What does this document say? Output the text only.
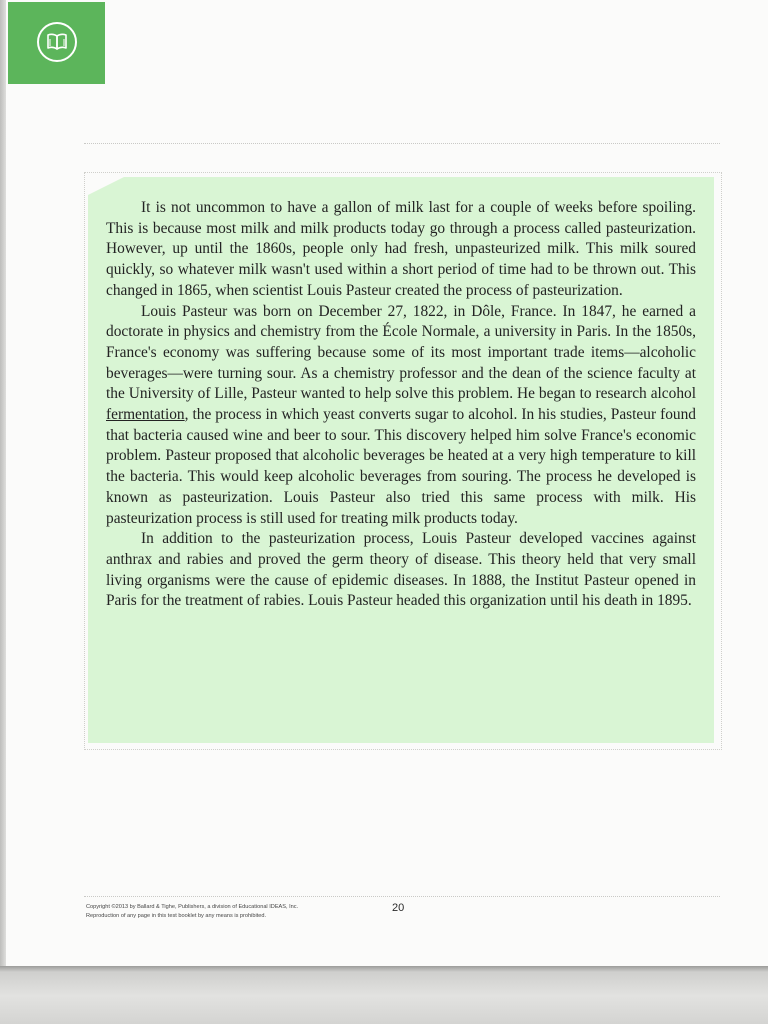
It is not uncommon to have a gallon of milk last for a couple of weeks before spoiling. This is because most milk and milk products today go through a process called pasteurization. However, up until the 1860s, people only had fresh, unpasteurized milk. This milk soured quickly, so whatever milk wasn't used within a short period of time had to be thrown out. This changed in 1865, when scientist Louis Pasteur created the process of pasteurization.

Louis Pasteur was born on December 27, 1822, in Dôle, France. In 1847, he earned a doctorate in physics and chemistry from the École Normale, a university in Paris. In the 1850s, France's economy was suffering because some of its most important trade items—alcoholic beverages—were turning sour. As a chemistry professor and the dean of the science faculty at the University of Lille, Pasteur wanted to help solve this problem. He began to research alcohol fermentation, the process in which yeast converts sugar to alcohol. In his studies, Pasteur found that bacteria caused wine and beer to sour. This discovery helped him solve France's economic problem. Pasteur proposed that alcoholic beverages be heated at a very high temperature to kill the bacteria. This would keep alcoholic beverages from souring. The process he developed is known as pasteurization. Louis Pasteur also tried this same process with milk. His pasteurization process is still used for treating milk products today.

In addition to the pasteurization process, Louis Pasteur developed vaccines against anthrax and rabies and proved the germ theory of disease. This theory held that very small living organisms were the cause of epidemic diseases. In 1888, the Institut Pasteur opened in Paris for the treatment of rabies. Louis Pasteur headed this organization until his death in 1895.

Copyright ©2013 by Ballard & Tighe, Publishers, a division of Educational IDEAS, Inc.
Reproduction of any page in this test booklet by any means is prohibited.
20
